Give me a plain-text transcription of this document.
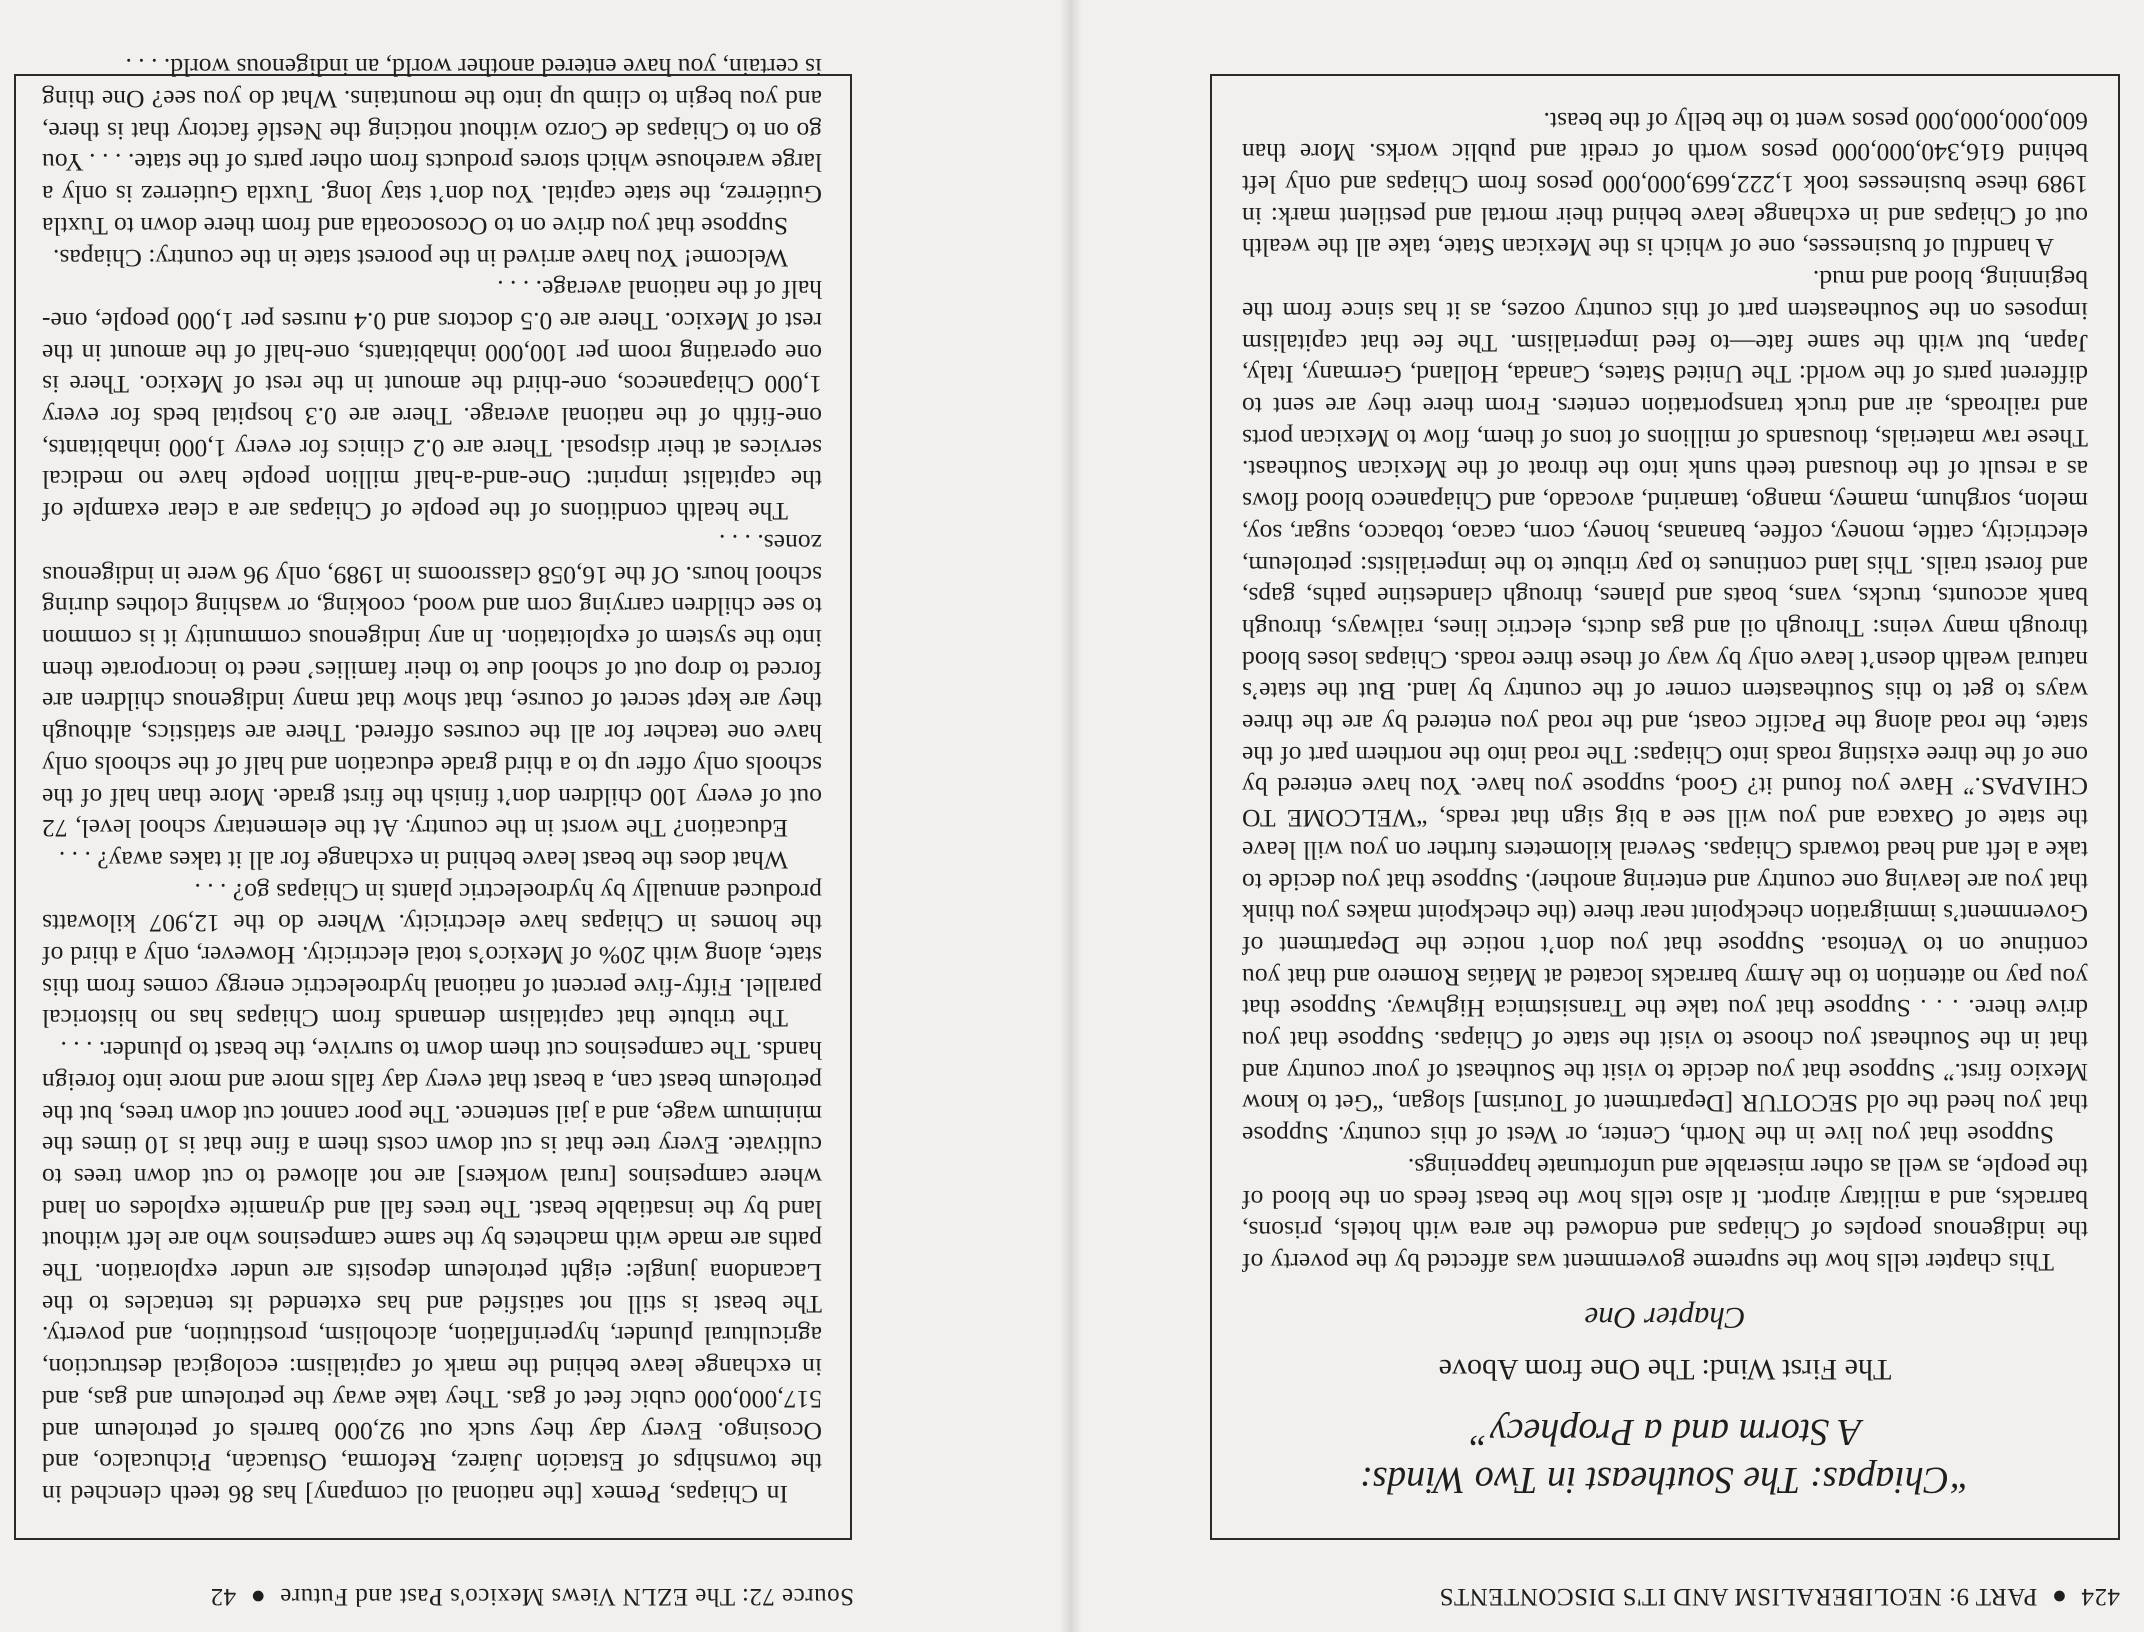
424●PART 9: NEOLIBERALISM AND IT'S DISCONTENTS
“Chiapas: The Southeast in Two Winds:
A Storm and a Prophecy”
The First Wind: The One from Above
Chapter One

This chapter tells how the supreme government was affected by the poverty of the indigenous peoples of Chiapas and endowed the area with hotels, prisons, barracks, and a military airport. It also tells how the beast feeds on the blood of the people, as well as other miserable and unfortunate happenings.

Suppose that you live in the North, Center, or West of this country. Suppose that you heed the old SECOTUR [Department of Tourism] slogan, “Get to know Mexico first.” Suppose that you decide to visit the Southeast of your country and that in the Southeast you choose to visit the state of Chiapas. Suppose that you drive there. . . . Suppose that you take the Transistmica Highway. Suppose that you pay no attention to the Army barracks located at Matías Romero and that you continue on to Ventosa. Suppose that you don’t notice the Department of Government’s immigration checkpoint near there (the checkpoint makes you think that you are leaving one country and entering another). Suppose that you decide to take a left and head towards Chiapas. Several kilometers further on you will leave the state of Oaxaca and you will see a big sign that reads, “WELCOME TO CHIAPAS.” Have you found it? Good, suppose you have. You have entered by one of the three existing roads into Chiapas: The road into the northern part of the state, the road along the Pacific coast, and the road you entered by are the three ways to get to this Southeastern corner of the country by land. But the state’s natural wealth doesn’t leave only by way of these three roads. Chiapas loses blood through many veins: Through oil and gas ducts, electric lines, railways, through bank accounts, trucks, vans, boats and planes, through clandestine paths, gaps, and forest trails. This land continues to pay tribute to the imperialists: petroleum, electricity, cattle, money, coffee, bananas, honey, corn, cacao, tobacco, sugar, soy, melon, sorghum, mamey, mango, tamarind, avocado, and Chiapaneco blood flows as a result of the thousand teeth sunk into the throat of the Mexican Southeast. These raw materials, thousands of millions of tons of them, flow to Mexican ports and railroads, air and truck transportation centers. From there they are sent to different parts of the world: The United States, Canada, Holland, Germany, Italy, Japan, but with the same fate—to feed imperialism. The fee that capitalism imposes on the Southeastern part of this country oozes, as it has since from the beginning, blood and mud.

A handful of businesses, one of which is the Mexican State, take all the wealth out of Chiapas and in exchange leave behind their mortal and pestilent mark: in 1989 these businesses took 1,222,669,000,000 pesos from Chiapas and only left behind 616,340,000,000 pesos worth of credit and public works. More than 600,000,000,000 pesos went to the belly of the beast.

Source 72: The EZLN Views Mexico's Past and Future●42

In Chiapas, Pemex [the national oil company] has 86 teeth clenched in the townships of Estación Juárez, Reforma, Ostuacán, Pichucalco, and Ocosingo. Every day they suck out 92,000 barrels of petroleum and 517,000,000 cubic feet of gas. They take away the petroleum and gas, and in exchange leave behind the mark of capitalism: ecological destruction, agricultural plunder, hyperinflation, alcoholism, prostitution, and poverty. The beast is still not satisfied and has extended its tentacles to the Lacandona jungle: eight petroleum deposits are under exploration. The paths are made with machetes by the same campesinos who are left without land by the insatiable beast. The trees fall and dynamite explodes on land where campesinos [rural workers] are not allowed to cut down trees to cultivate. Every tree that is cut down costs them a fine that is 10 times the minimum wage, and a jail sentence. The poor cannot cut down trees, but the petroleum beast can, a beast that every day falls more and more into foreign hands. The campesinos cut them down to survive, the beast to plunder. . . .

The tribute that capitalism demands from Chiapas has no historical parallel. Fifty-five percent of national hydroelectric energy comes from this state, along with 20% of Mexico’s total electricity. However, only a third of the homes in Chiapas have electricity. Where do the 12,907 kilowatts produced annually by hydroelectric plants in Chiapas go? . . .

What does the beast leave behind in exchange for all it takes away? . . .

Education? The worst in the country. At the elementary school level, 72 out of every 100 children don’t finish the first grade. More than half of the schools only offer up to a third grade education and half of the schools only have one teacher for all the courses offered. There are statistics, although they are kept secret of course, that show that many indigenous children are forced to drop out of school due to their families’ need to incorporate them into the system of exploitation. In any indigenous community it is common to see children carrying corn and wood, cooking, or washing clothes during school hours. Of the 16,058 classrooms in 1989, only 96 were in indigenous zones. . . .

The health conditions of the people of Chiapas are a clear example of the capitalist imprint: One-and-a-half million people have no medical services at their disposal. There are 0.2 clinics for every 1,000 inhabitants, one-fifth of the national average. There are 0.3 hospital beds for every 1,000 Chiapanecos, one-third the amount in the rest of Mexico. There is one operating room per 100,000 inhabitants, one-half of the amount in the rest of Mexico. There are 0.5 doctors and 0.4 nurses per 1,000 people, one-half of the national average. . . .

Welcome! You have arrived in the poorest state in the country: Chiapas.

Suppose that you drive on to Ocosocoatla and from there down to Tuxtla Gutiérrez, the state capital. You don’t stay long. Tuxtla Gutierrez is only a large warehouse which stores products from other parts of the state. . . . You go on to Chiapas de Corzo without noticing the Nestlé factory that is there, and you begin to climb up into the mountains. What do you see? One thing is certain, you have entered another world, an indigenous world. . . .
